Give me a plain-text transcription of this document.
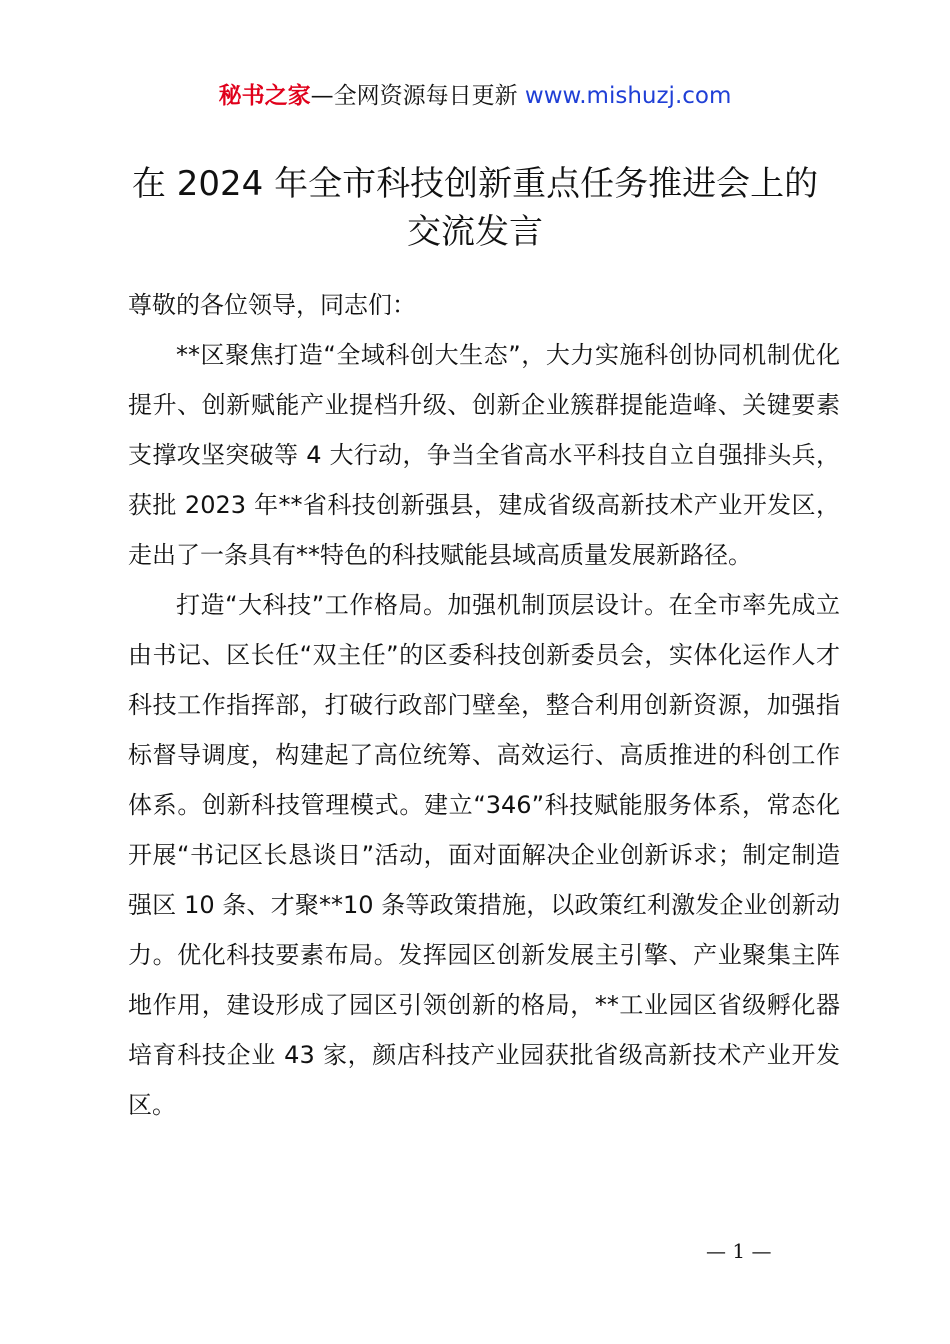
秘书之家—全网资源每日更新 www.mishuzj.com
在 2024 年全市科技创新重点任务推进会上的
交流发言

尊敬的各位领导，同志们：

**区聚焦打造“全域科创大生态”，大力实施科创协同机制优化提升、创新赋能产业提档升级、创新企业簇群提能造峰、关键要素支撑攻坚突破等 4 大行动，争当全省高水平科技自立自强排头兵，获批 2023 年**省科技创新强县，建成省级高新技术产业开发区，走出了一条具有**特色的科技赋能县域高质量发展新路径。

打造“大科技”工作格局。加强机制顶层设计。在全市率先成立由书记、区长任“双主任”的区委科技创新委员会，实体化运作人才科技工作指挥部，打破行政部门壁垒，整合利用创新资源，加强指标督导调度，构建起了高位统筹、高效运行、高质推进的科创工作体系。创新科技管理模式。建立“346”科技赋能服务体系，常态化开展“书记区长恳谈日”活动，面对面解决企业创新诉求；制定制造强区 10 条、才聚**10 条等政策措施，以政策红利激发企业创新动力。优化科技要素布局。发挥园区创新发展主引擎、产业聚集主阵地作用，建设形成了园区引领创新的格局，**工业园区省级孵化器培育科技企业 43 家，颜店科技产业园获批省级高新技术产业开发区。

— 1 —
